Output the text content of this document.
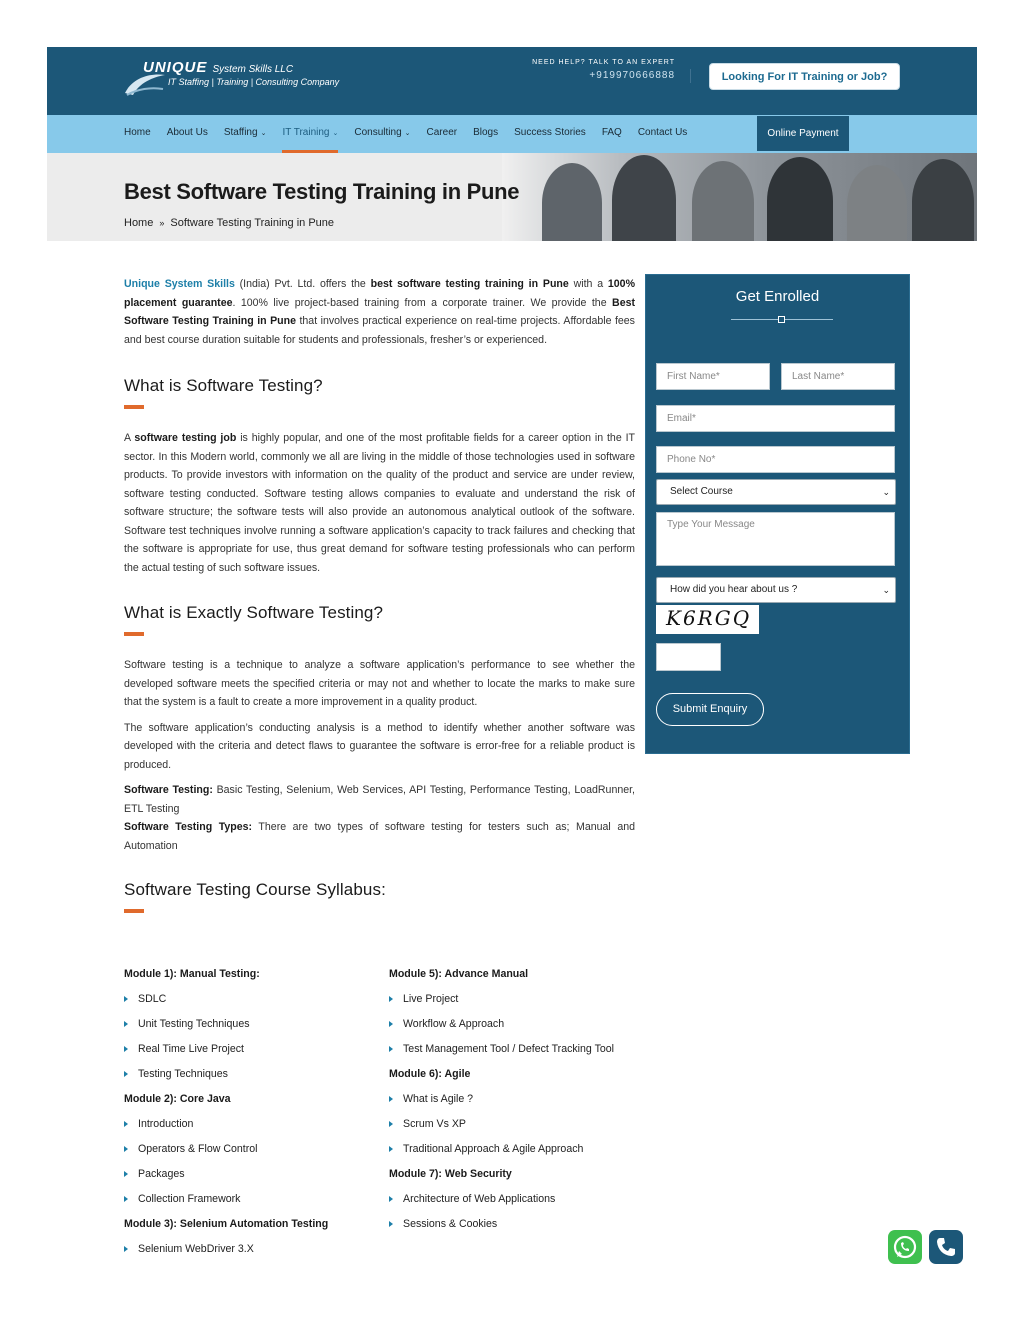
UNIQUE System Skills LLC
IT Staffing | Training | Consulting Company
NEED HELP? TALK TO AN EXPERT
+919970666888	Looking For IT Training or Job?
Home About Us Staffing ⌄ IT Training ⌄ Consulting ⌄ Career Blogs Success Stories FAQ Contact Us	Online Payment
Best Software Testing Training in Pune
Home » Software Testing Training in Pune

Unique System Skills (India) Pvt. Ltd. offers the best software testing training in Pune with a 100% placement guarantee. 100% live project-based training from a corporate trainer. We provide the Best Software Testing Training in Pune that involves practical experience on real-time projects. Affordable fees and best course duration suitable for students and professionals, fresher’s or experienced.

What is Software Testing?

A software testing job is highly popular, and one of the most profitable fields for a career option in the IT sector. In this Modern world, commonly we all are living in the middle of those technologies used in software products. To provide investors with information on the quality of the product and service are under review, software testing conducted. Software testing allows companies to evaluate and understand the risk of software structure; the software tests will also provide an autonomous analytical outlook of the software. Software test techniques involve running a software application’s capacity to track failures and checking that the software is appropriate for use, thus great demand for software testing professionals who can perform the actual testing of such software issues.

What is Exactly Software Testing?

Software testing is a technique to analyze a software application’s performance to see whether the developed software meets the specified criteria or may not and whether to locate the marks to make sure that the system is a fault to create a more improvement in a quality product.

The software application’s conducting analysis is a method to identify whether another software was developed with the criteria and detect flaws to guarantee the software is error-free for a reliable product is produced.

Software Testing: Basic Testing, Selenium, Web Services, API Testing, Performance Testing, LoadRunner, ETL Testing

Software Testing Types: There are two types of software testing for testers such as; Manual and Automation

Software Testing Course Syllabus:
Module 1): Manual Testing:
SDLC
Unit Testing Techniques
Real Time Live Project
Testing Techniques
Module 2): Core Java
Introduction
Operators & Flow Control
Packages
Collection Framework
Module 3): Selenium Automation Testing
Selenium WebDriver 3.X
Module 5): Advance Manual
Live Project
Workflow & Approach
Test Management Tool / Defect Tracking Tool
Module 6): Agile
What is Agile ?
Scrum Vs XP
Traditional Approach & Agile Approach
Module 7): Web Security
Architecture of Web Applications
Sessions & Cookies
Get Enrolled
First Name*	Last Name*
Email*
Phone No*
Select Course	⌄
Type Your Message
How did you hear about us ?	⌄
K6RGQ
Submit Enquiry
